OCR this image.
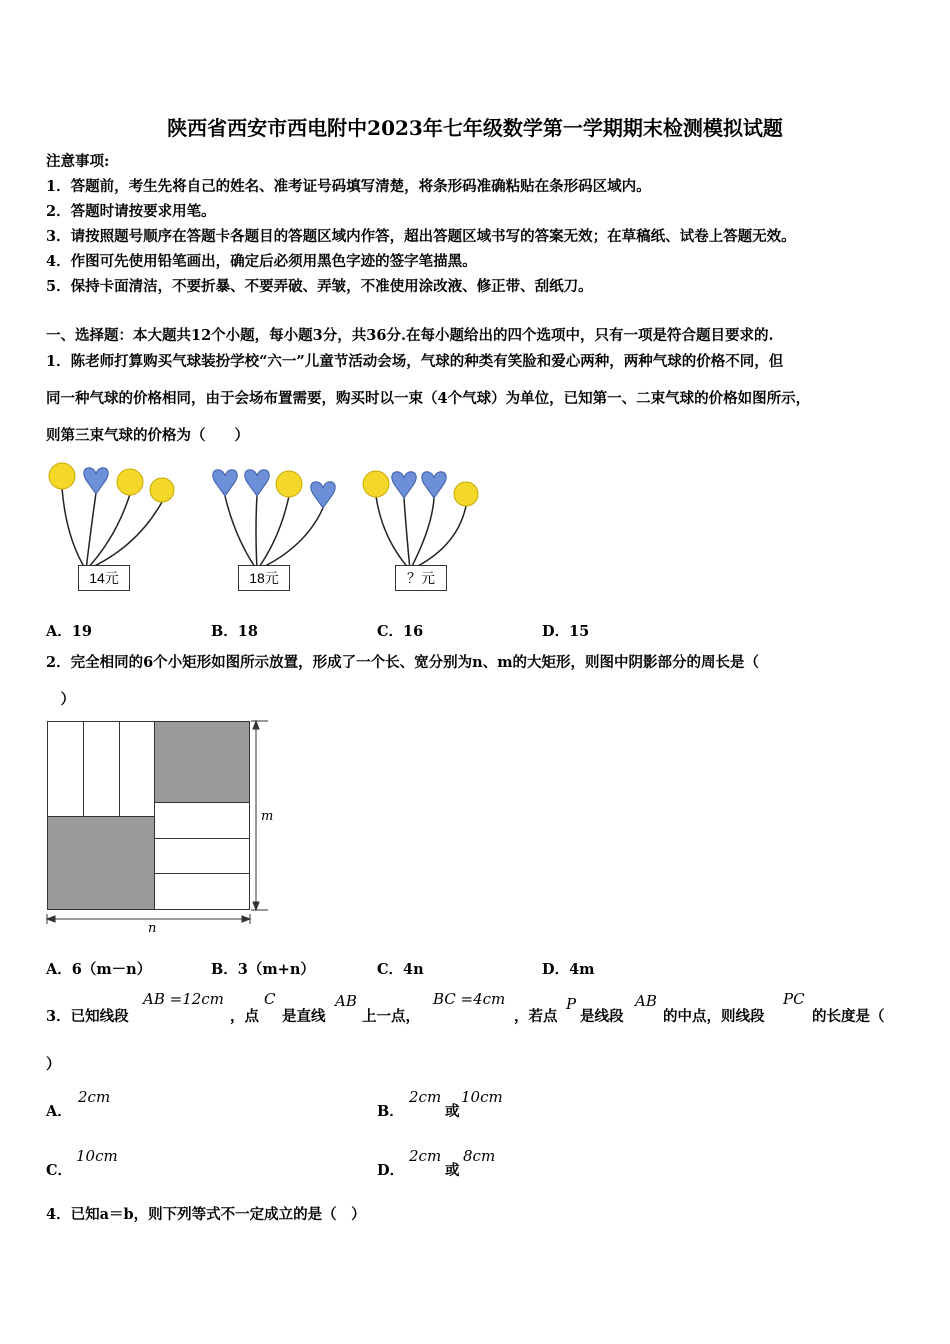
陕西省西安市西电附中2023年七年级数学第一学期期末检测模拟试题
注意事项:
1．答题前，考生先将自己的姓名、准考证号码填写清楚，将条形码准确粘贴在条形码区域内。
2．答题时请按要求用笔。
3．请按照题号顺序在答题卡各题目的答题区域内作答，超出答题区域书写的答案无效；在草稿纸、试卷上答题无效。
4．作图可先使用铅笔画出，确定后必须用黑色字迹的签字笔描黑。
5．保持卡面清洁，不要折暴、不要弄破、弄皱，不准使用涂改液、修正带、刮纸刀。
一、选择题：本大题共12个小题，每小题3分，共36分.在每小题给出的四个选项中，只有一项是符合题目要求的.
1．陈老师打算购买气球装扮学校“六一”儿童节活动会场，气球的种类有笑脸和爱心两种，两种气球的价格不同，但
同一种气球的价格相同，由于会场布置需要，购买时以一束（4个气球）为单位，已知第一、二束气球的价格如图所示，
则第三束气球的价格为（　　）
14元	18元	？元
A．19	B．18	C．16	D．15
2．完全相同的6个小矩形如图所示放置，形成了一个长、宽分别为n、m的大矩形，则图中阴影部分的周长是（
　）
m
n
A．6（m－n）	B．3（m+n）	C．4n	D．4m
3．已知线段
AB =12cm
，点
C
是直线
AB
上一点，
BC =4cm
，若点
P
是线段
AB
的中点，则线段
PC
的长度是（
）
A．
2cm
B．
2cm
或
10cm
C．
10cm
D．
2cm
或
8cm
4．已知a＝b，则下列等式不一定成立的是（　）
